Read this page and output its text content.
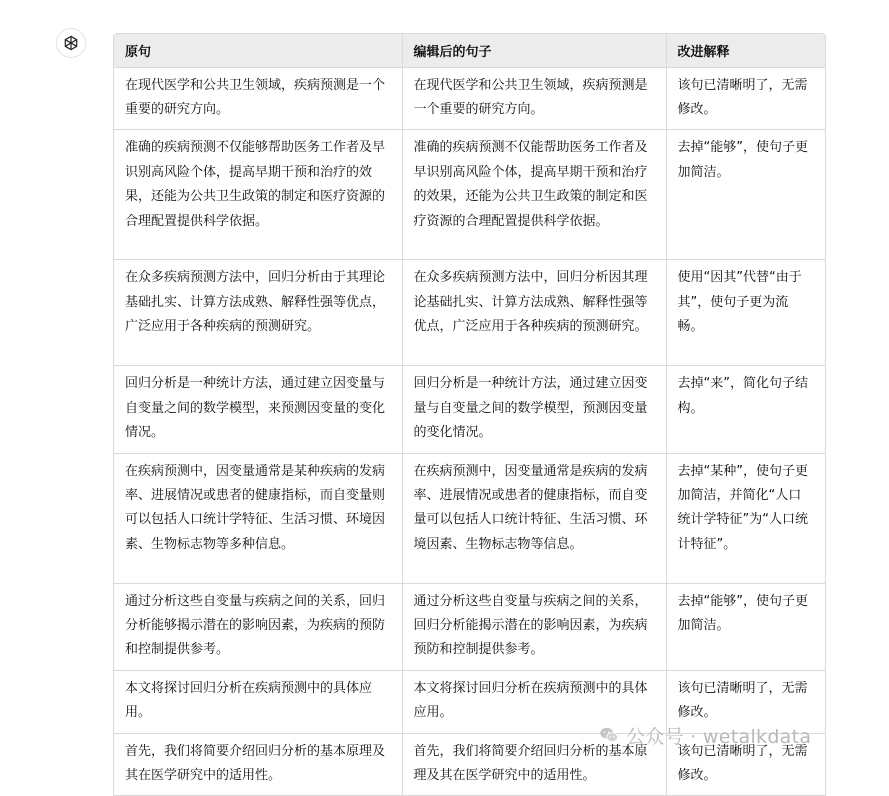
原句	编辑后的句子	改进解释
在现代医学和公共卫生领域，疾病预测是一个重要的研究方向。	在现代医学和公共卫生领域，疾病预测是一个重要的研究方向。	该句已清晰明了，无需修改。
准确的疾病预测不仅能够帮助医务工作者及早识别高风险个体，提高早期干预和治疗的效果，还能为公共卫生政策的制定和医疗资源的合理配置提供科学依据。	准确的疾病预测不仅能帮助医务工作者及早识别高风险个体，提高早期干预和治疗的效果，还能为公共卫生政策的制定和医疗资源的合理配置提供科学依据。	去掉“能够”，使句子更加简洁。
在众多疾病预测方法中，回归分析由于其理论基础扎实、计算方法成熟、解释性强等优点，广泛应用于各种疾病的预测研究。	在众多疾病预测方法中，回归分析因其理论基础扎实、计算方法成熟、解释性强等优点，广泛应用于各种疾病的预测研究。	使用“因其”代替“由于其”，使句子更为流畅。
回归分析是一种统计方法，通过建立因变量与自变量之间的数学模型，来预测因变量的变化情况。	回归分析是一种统计方法，通过建立因变量与自变量之间的数学模型，预测因变量的变化情况。	去掉“来”，简化句子结构。
在疾病预测中，因变量通常是某种疾病的发病率、进展情况或患者的健康指标，而自变量则可以包括人口统计学特征、生活习惯、环境因素、生物标志物等多种信息。	在疾病预测中，因变量通常是疾病的发病率、进展情况或患者的健康指标，而自变量可以包括人口统计特征、生活习惯、环境因素、生物标志物等信息。	去掉“某种”，使句子更加简洁，并简化“人口统计学特征”为“人口统计特征”。
通过分析这些自变量与疾病之间的关系，回归分析能够揭示潜在的影响因素，为疾病的预防和控制提供参考。	通过分析这些自变量与疾病之间的关系，回归分析能揭示潜在的影响因素，为疾病预防和控制提供参考。	去掉“能够”，使句子更加简洁。
本文将探讨回归分析在疾病预测中的具体应用。	本文将探讨回归分析在疾病预测中的具体应用。	该句已清晰明了，无需修改。
首先，我们将简要介绍回归分析的基本原理及其在医学研究中的适用性。	首先，我们将简要介绍回归分析的基本原理及其在医学研究中的适用性。	该句已清晰明了，无需修改。
公众号 · wetalkdata
